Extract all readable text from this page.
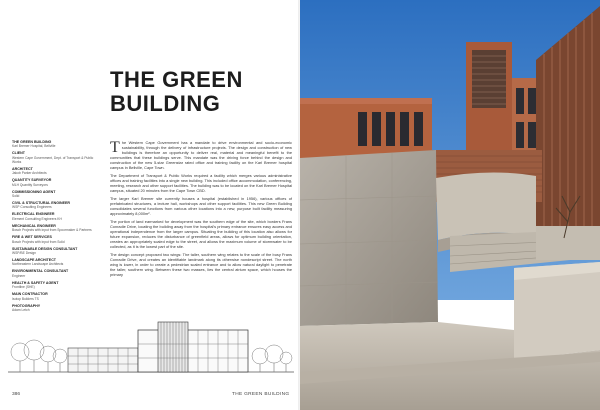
THE GREEN BUILDING
THE GREEN BUILDING
Karl Bremer Hospital, Bellville
CLIENT
Western Cape Government, Dept. of Transport & Public Works
ARCHITECT
Jakob Parker Architects
QUANTITY SURVEYOR
MLH Quantity Surveyors
COMMISSIONING AGENT
Solid
CIVIL & STRUCTURAL ENGINEER
WSP Consulting Engineers
ELECTRICAL ENGINEER
Element Consulting Engineers KH
MECHANICAL ENGINEER
Bosch Projects with input from Spoormaker & Partners
FIRE & WET SERVICES
Bosch Projects with input from Solid
SUSTAINABLE DESIGN CONSULTANT
WSP/BE Design
LANDSCAPE ARCHITECT
Northeastern Landscape Architects
ENVIRONMENTAL CONSULTANT
Engineer
HEALTH & SAFETY AGENT
Frontline (SHE)
MAIN CONTRACTOR
Isotop Builders TS
PHOTOGRAPHY
Adam Letch

The Western Cape Government has a mandate to drive environmental and socio-economic sustainability, through the delivery of infrastructure projects. The design and construction of new buildings is therefore an opportunity to deliver real, material and meaningful benefit to the communities that these buildings serve. This mandate was the driving force behind the design and construction of the new 5-star Greenstar rated office and training facility on the Karl Bremer hospital campus in Bellville, Cape Town.

The Department of Transport & Public Works required a facility which merges various administrative offices and training facilities into a single new building. This included office accommodation, conferencing, meeting, research and other support facilities. The building was to be located on the Karl Bremer Hospital campus, situated 20 minutes from the Cape Town CBD.

The larger Karl Bremer site currently houses a hospital (established in 1956), various offices of prefabricated structures, a lecture hall, workshops and other support facilities. This new Green Building consolidates several functions from various other locations into a new, purpose built facility measuring approximately 8,000m².

The portion of land earmarked for development was the southern edge of the site, which borders Frans Conradie Drive, locating the building away from the hospital's primary entrance ensures easy access and operational independence from the larger campus. Situating the building of this location also allows for future expansion, reduces the disturbance of greenfield areas, allows for optimum building orientation, creates an appropriately scaled edge to the street, and allows the maximum volume of stormwater to be collected, as it is the lowest part of the site.

The design concept proposed two wings: The taller, southern wing relates to the scale of the busy Frans Conradie Drive, and creates an identifiable landmark along its otherwise nondescript street. The north wing is lower, in order to create a pedestrian scaled entrance and to allow natural daylight to penetrate the taller, southern wing. Between these two masses, lies the central atrium space, which houses the primary

386	THE GREEN BUILDING
